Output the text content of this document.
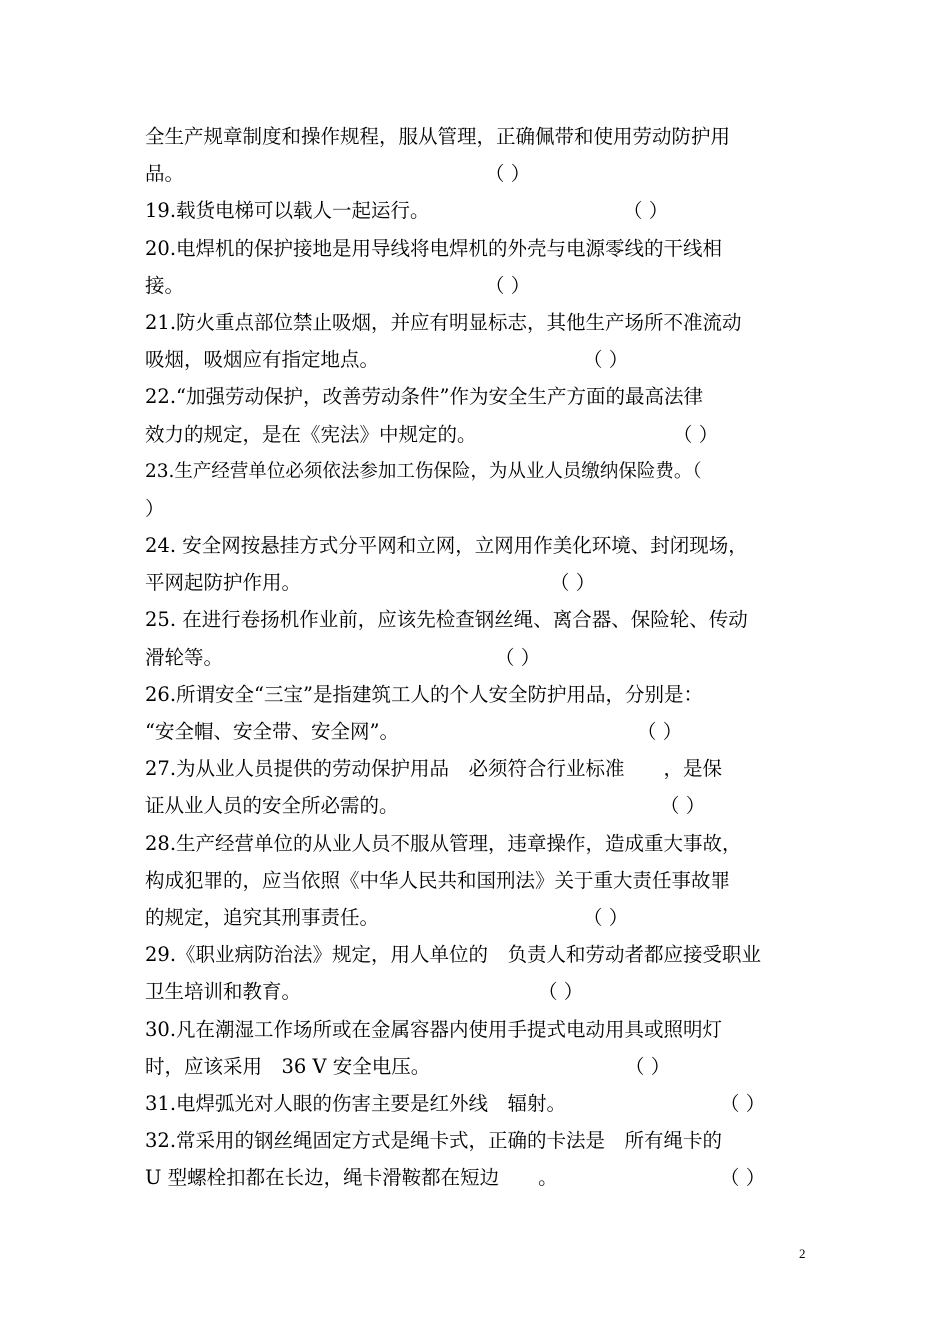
全生产规章制度和操作规程，服从管理，正确佩带和使用劳动防护用
品。	（ ）
19.载货电梯可以载人一起运行。	（ ）
20.电焊机的保护接地是用导线将电焊机的外壳与电源零线的干线相
接。	（ ）
21.防火重点部位禁止吸烟，并应有明显标志，其他生产场所不准流动
吸烟，吸烟应有指定地点。	（ ）
22.“加强劳动保护，改善劳动条件”作为安全生产方面的最高法律
效力的规定，是在《宪法》中规定的。	（ ）
23.生产经营单位必须依法参加工伤保险，为从业人员缴纳保险费。（
）
24. 安全网按悬挂方式分平网和立网，立网用作美化环境、封闭现场，
平网起防护作用。	（ ）
25. 在进行卷扬机作业前，应该先检查钢丝绳、离合器、保险轮、传动
滑轮等。	（ ）
26.所谓安全“三宝”是指建筑工人的个人安全防护用品，分别是：
“安全帽、安全带、安全网”。	（ ）
27.为从业人员提供的劳动保护用品　必须符合行业标准　　，是保
证从业人员的安全所必需的。	（ ）
28.生产经营单位的从业人员不服从管理，违章操作，造成重大事故，
构成犯罪的，应当依照《中华人民共和国刑法》关于重大责任事故罪
的规定，追究其刑事责任。	（ ）
29.《职业病防治法》规定，用人单位的　负责人和劳动者都应接受职业
卫生培训和教育。	（ ）
30.凡在潮湿工作场所或在金属容器内使用手提式电动用具或照明灯
时，应该采用　36 V 安全电压。	（ ）
31.电焊弧光对人眼的伤害主要是红外线　辐射。	（ ）
32.常采用的钢丝绳固定方式是绳卡式，正确的卡法是　所有绳卡的
U 型螺栓扣都在长边，绳卡滑鞍都在短边　　。	（ ）
2
